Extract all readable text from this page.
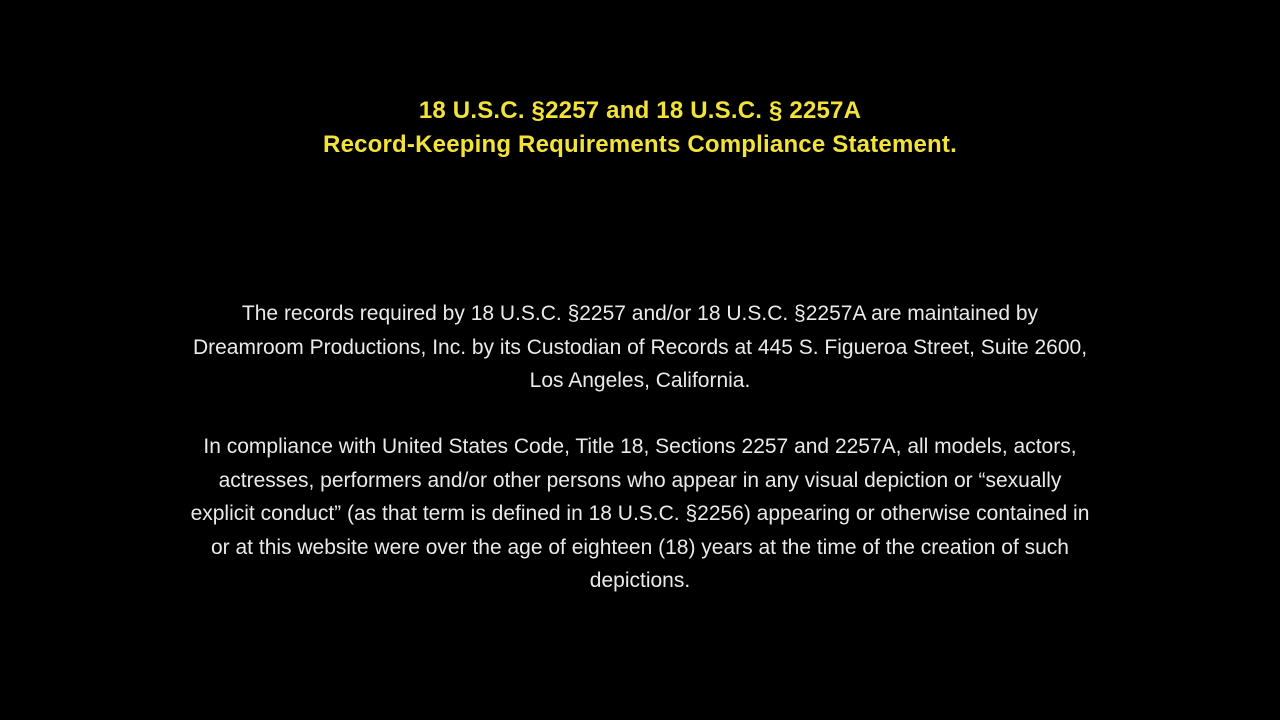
18 U.S.C. §2257 and 18 U.S.C. § 2257A
Record-Keeping Requirements Compliance Statement.

The records required by 18 U.S.C. §2257 and/or 18 U.S.C. §2257A are maintained by Dreamroom Productions, Inc. by its Custodian of Records at 445 S. Figueroa Street, Suite 2600, Los Angeles, California.

In compliance with United States Code, Title 18, Sections 2257 and 2257A, all models, actors, actresses, performers and/or other persons who appear in any visual depiction or “sexually explicit conduct” (as that term is defined in 18 U.S.C. §2256) appearing or otherwise contained in or at this website were over the age of eighteen (18) years at the time of the creation of such depictions.
